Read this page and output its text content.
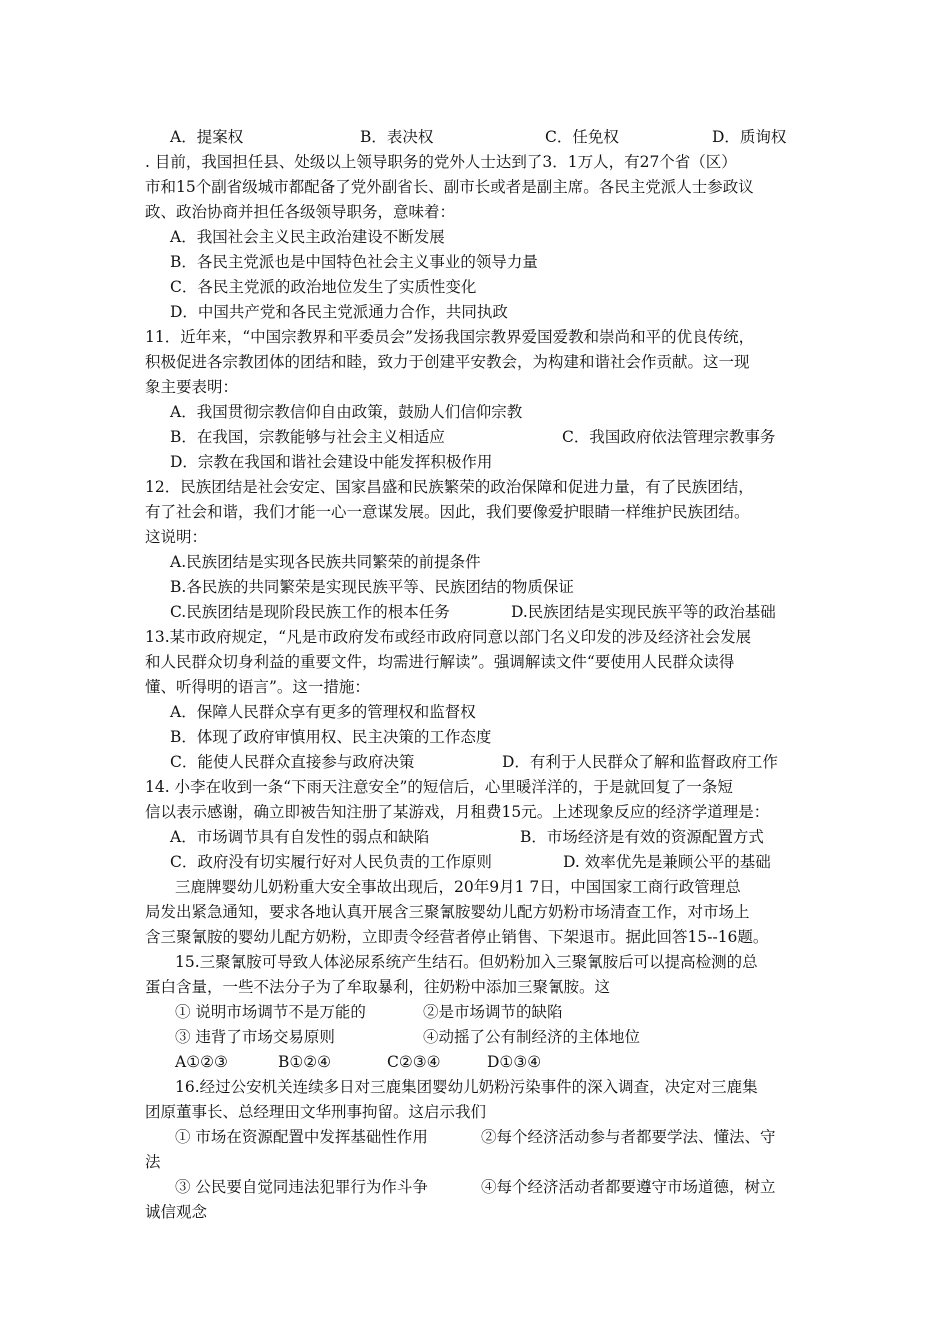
A．提案权	B．表决权	C．任免权	D．质询权
. 目前，我国担任县、处级以上领导职务的党外人士达到了3．1万人，有27个省（区）
市和15个副省级城市都配备了党外副省长、副市长或者是副主席。各民主党派人士参政议
政、政治协商并担任各级领导职务，意味着：
A．我国社会主义民主政治建设不断发展
B．各民主党派也是中国特色社会主义事业的领导力量
C．各民主党派的政治地位发生了实质性变化
D．中国共产党和各民主党派通力合作，共同执政
11．近年来，“中国宗教界和平委员会”发扬我国宗教界爱国爱教和崇尚和平的优良传统，
积极促进各宗教团体的团结和睦，致力于创建平安教会，为构建和谐社会作贡献。这一现
象主要表明：
A．我国贯彻宗教信仰自由政策，鼓励人们信仰宗教
B．在我国，宗教能够与社会主义相适应	C．我国政府依法管理宗教事务
D．宗教在我国和谐社会建设中能发挥积极作用
12．民族团结是社会安定、国家昌盛和民族繁荣的政治保障和促进力量，有了民族团结，
有了社会和谐，我们才能一心一意谋发展。因此，我们要像爱护眼睛一样维护民族团结。
这说明：
A.民族团结是实现各民族共同繁荣的前提条件
B.各民族的共同繁荣是实现民族平等、民族团结的物质保证
C.民族团结是现阶段民族工作的根本任务	D.民族团结是实现民族平等的政治基础
13.某市政府规定，“凡是市政府发布或经市政府同意以部门名义印发的涉及经济社会发展
和人民群众切身利益的重要文件，均需进行解读”。强调解读文件“要使用人民群众读得
懂、听得明的语言”。这一措施：
A．保障人民群众享有更多的管理权和监督权
B．体现了政府审慎用权、民主决策的工作态度
C．能使人民群众直接参与政府决策	D．有利于人民群众了解和监督政府工作
14. 小李在收到一条“下雨天注意安全”的短信后，心里暖洋洋的，于是就回复了一条短
信以表示感谢，确立即被告知注册了某游戏，月租费15元。上述现象反应的经济学道理是：
A．市场调节具有自发性的弱点和缺陷	B．市场经济是有效的资源配置方式
C．政府没有切实履行好对人民负责的工作原则	D. 效率优先是兼顾公平的基础
三鹿牌婴幼儿奶粉重大安全事故出现后，20年9月1 7日，中国国家工商行政管理总
局发出紧急通知，要求各地认真开展含三聚氰胺婴幼儿配方奶粉市场清查工作，对市场上
含三聚氰胺的婴幼儿配方奶粉，立即责令经营者停止销售、下架退市。据此回答15--16题。
15.三聚氰胺可导致人体泌尿系统产生结石。但奶粉加入三聚氰胺后可以提高检测的总
蛋白含量，一些不法分子为了牟取暴利，往奶粉中添加三聚氰胺。这
① 说明市场调节不是万能的	②是市场调节的缺陷
③ 违背了市场交易原则	④动摇了公有制经济的主体地位
A①②③	B①②④	C②③④	D①③④
16.经过公安机关连续多日对三鹿集团婴幼儿奶粉污染事件的深入调查，决定对三鹿集
团原董事长、总经理田文华刑事拘留。这启示我们
① 市场在资源配置中发挥基础性作用	②每个经济活动参与者都要学法、懂法、守
法
③ 公民要自觉同违法犯罪行为作斗争	④每个经济活动者都要遵守市场道德，树立
诚信观念
